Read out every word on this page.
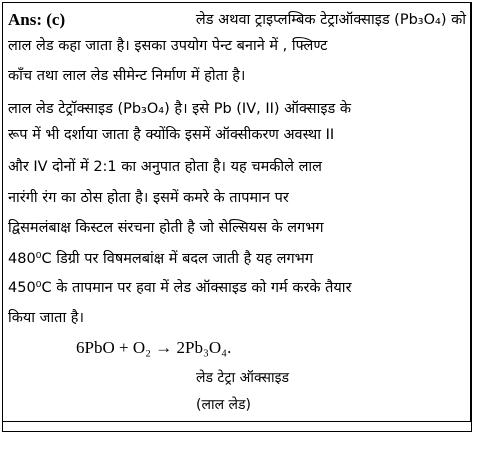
Ans: (c)	लेड अथवा ट्राइप्लम्बिक टेट्राऑक्साइड (Pb₃O₄) को
लाल लेड कहा जाता है। इसका उपयोग पेन्ट बनाने में , फ्लिण्ट
काँच तथा लाल लेड सीमेन्ट निर्माण में होता है।
लाल लेड टेट्रॉक्साइड (Pb₃O₄) है। इसे Pb (IV, II) ऑक्साइड के
रूप में भी दर्शाया जाता है क्योंकि इसमें ऑक्सीकरण अवस्था II
और IV दोनों में 2:1 का अनुपात होता है। यह चमकीले लाल
नारंगी रंग का ठोस होता है। इसमें कमरे के तापमान पर
द्विसमलंबाक्ष किस्टल संरचना होती है जो सेल्सियस के लगभग
480⁰C डिग्री पर विषमलबांक्ष में बदल जाती है यह लगभग
450⁰C के तापमान पर हवा में लेड ऑक्साइड को गर्म करके तैयार
किया जाता है।
6PbO + O₂ → 2Pb₃O₄.
लेड टेट्रा ऑक्साइड
(लाल लेड)
